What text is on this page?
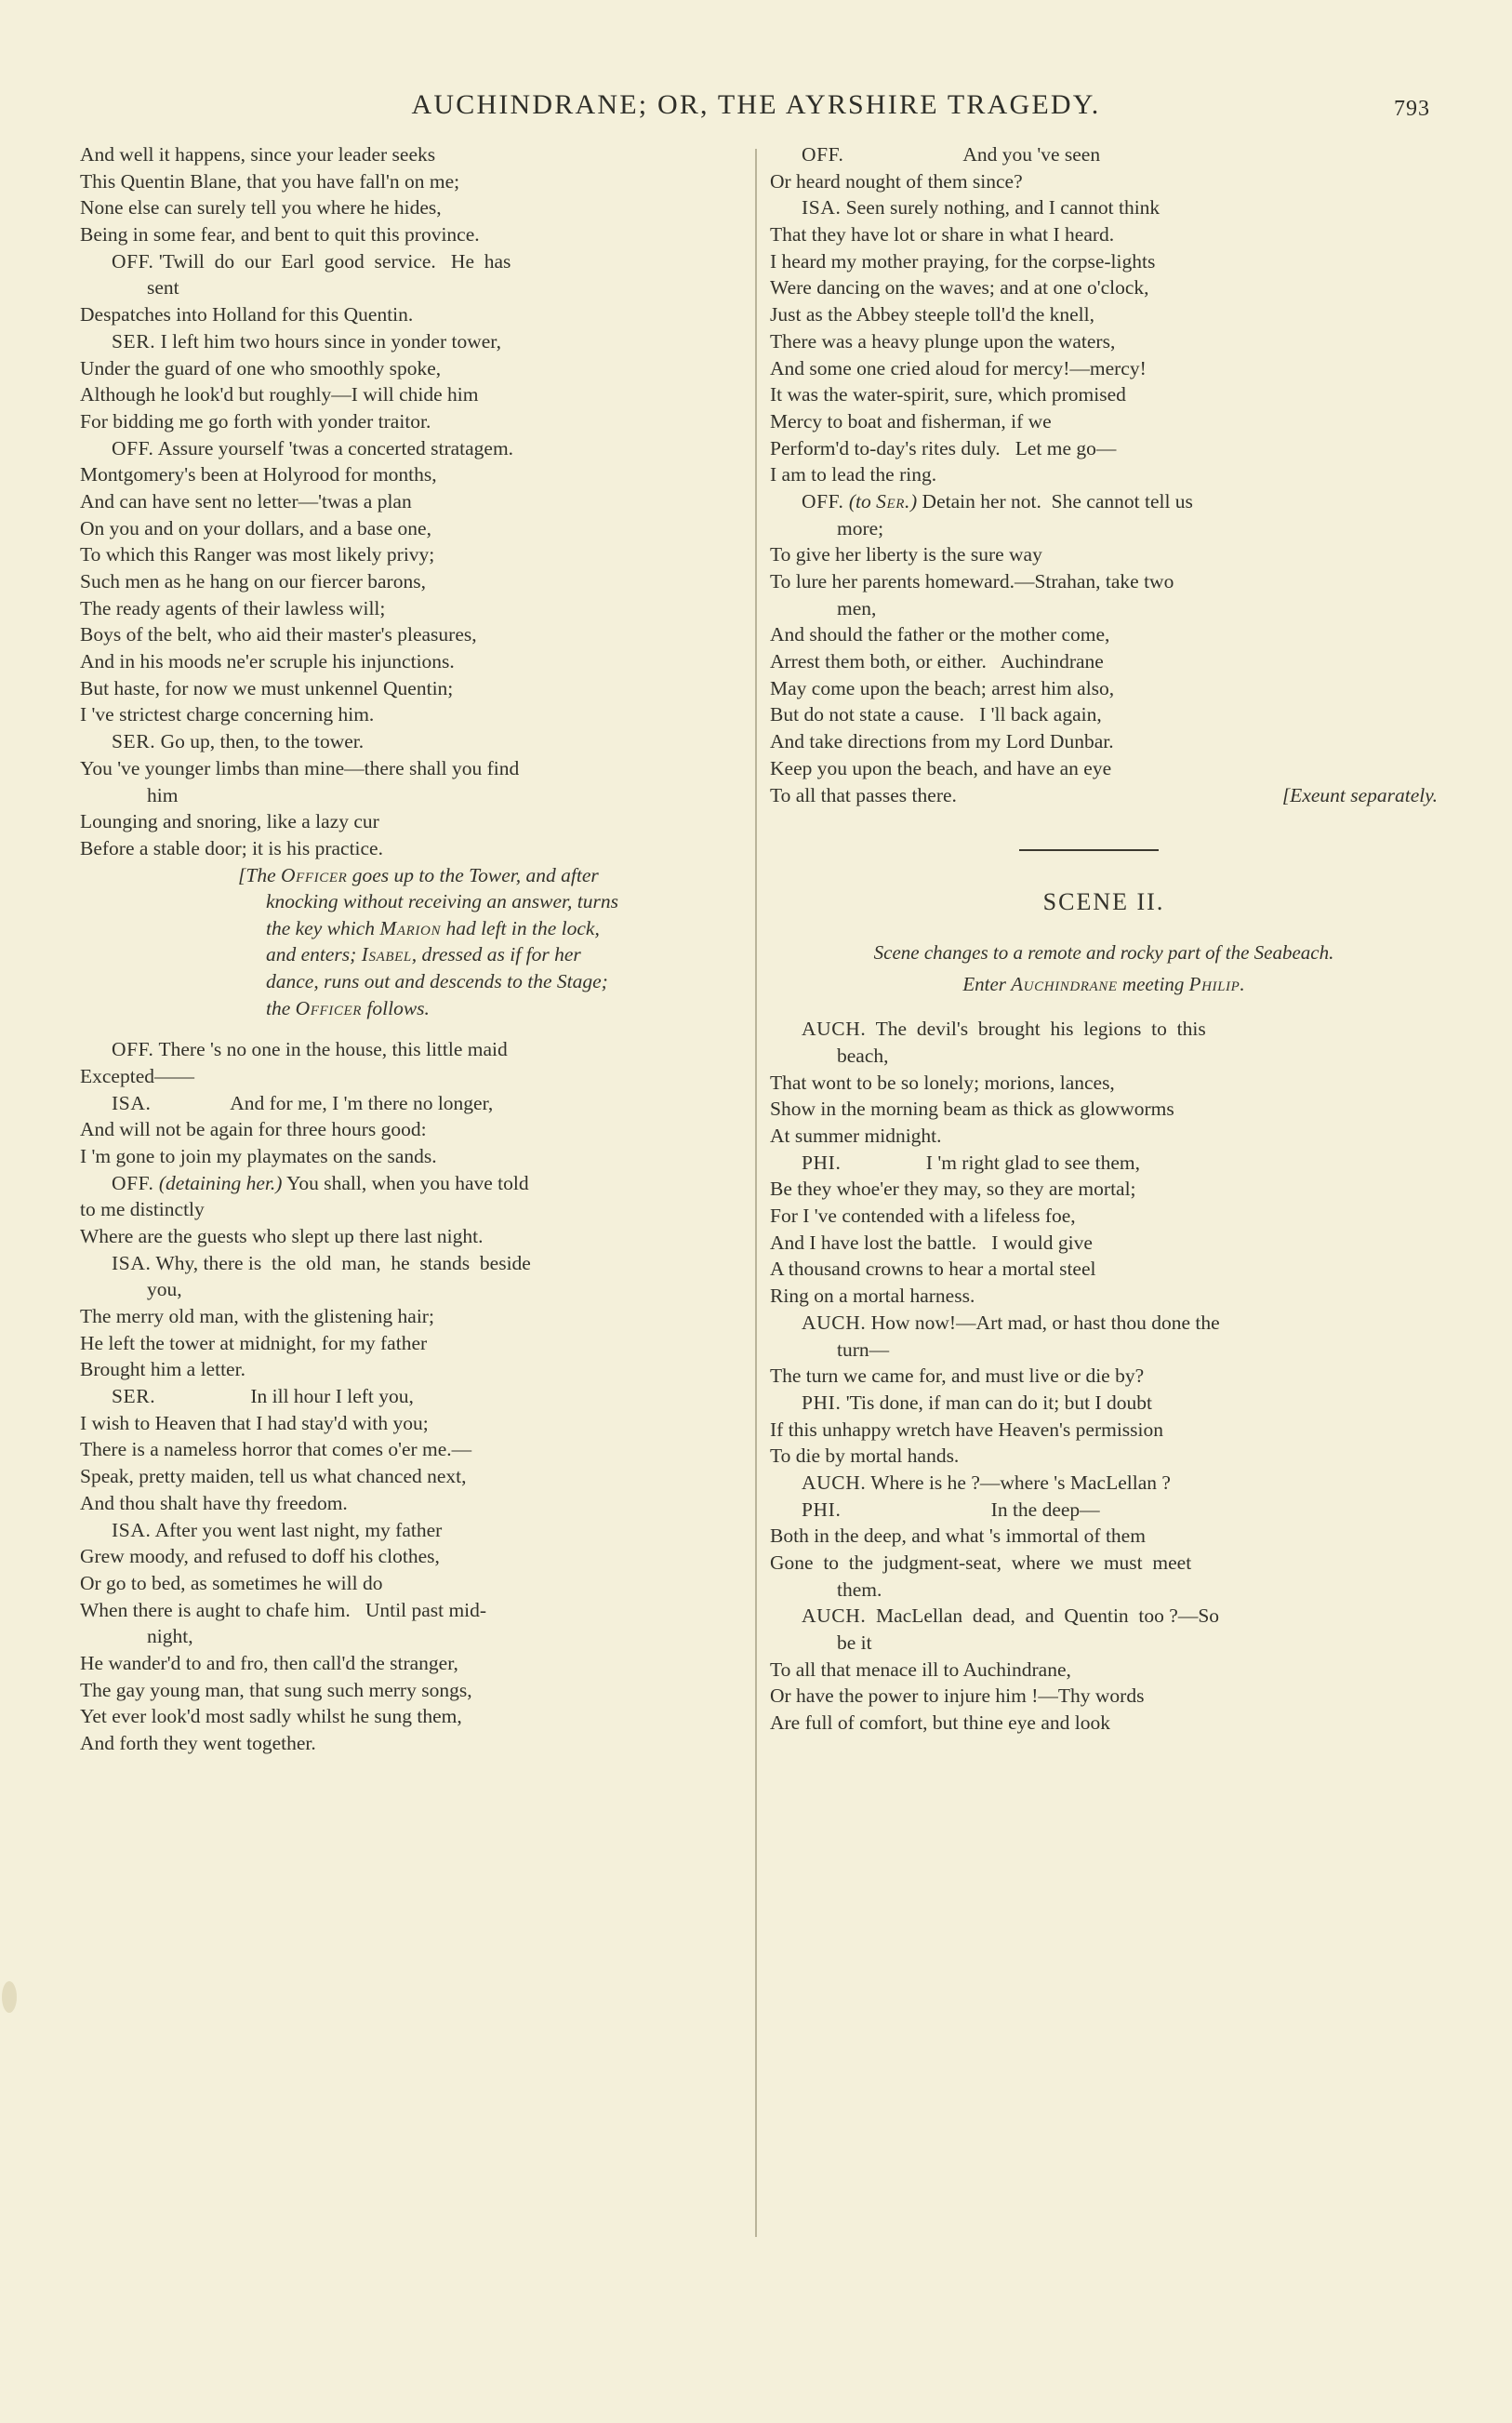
AUCHINDRANE; OR, THE AYRSHIRE TRAGEDY.	793

And well it happens, since your leader seeks

This Quentin Blane, that you have fall'n on me;

None else can surely tell you where he hides,

Being in some fear, and bent to quit this province.

OFF. 'Twill  do  our  Earl  good  service.   He  has

sent

Despatches into Holland for this Quentin.

SER. I left him two hours since in yonder tower,

Under the guard of one who smoothly spoke,

Although he look'd but roughly—I will chide him

For bidding me go forth with yonder traitor.

OFF. Assure yourself 'twas a concerted stratagem.

Montgomery's been at Holyrood for months,

And can have sent no letter—'twas a plan

On you and on your dollars, and a base one,

To which this Ranger was most likely privy;

Such men as he hang on our fiercer barons,

The ready agents of their lawless will;

Boys of the belt, who aid their master's pleasures,

And in his moods ne'er scruple his injunctions.

But haste, for now we must unkennel Quentin;

I 've strictest charge concerning him.

SER. Go up, then, to the tower.

You 've younger limbs than mine—there shall you find

him

Lounging and snoring, like a lazy cur

Before a stable door; it is his practice.

[The Officer goes up to the Tower, and after

knocking without receiving an answer, turns

the key which Marion had left in the lock,

and enters; Isabel, dressed as if for her

dance, runs out and descends to the Stage;

the Officer follows.

OFF. There 's no one in the house, this little maid

Excepted——

ISA.                And for me, I 'm there no longer,

And will not be again for three hours good:

I 'm gone to join my playmates on the sands.

OFF. (detaining her.) You shall, when you have told

to me distinctly

Where are the guests who slept up there last night.

ISA. Why, there is  the  old  man,  he  stands  beside

you,

The merry old man, with the glistening hair;

He left the tower at midnight, for my father

Brought him a letter.

SER.                   In ill hour I left you,

I wish to Heaven that I had stay'd with you;

There is a nameless horror that comes o'er me.—

Speak, pretty maiden, tell us what chanced next,

And thou shalt have thy freedom.

ISA. After you went last night, my father

Grew moody, and refused to doff his clothes,

Or go to bed, as sometimes he will do

When there is aught to chafe him.   Until past mid-

night,

He wander'd to and fro, then call'd the stranger,

The gay young man, that sung such merry songs,

Yet ever look'd most sadly whilst he sung them,

And forth they went together.

OFF.                        And you 've seen

Or heard nought of them since?

ISA. Seen surely nothing, and I cannot think

That they have lot or share in what I heard.

I heard my mother praying, for the corpse-lights

Were dancing on the waves; and at one o'clock,

Just as the Abbey steeple toll'd the knell,

There was a heavy plunge upon the waters,

And some one cried aloud for mercy!—mercy!

It was the water-spirit, sure, which promised

Mercy to boat and fisherman, if we

Perform'd to-day's rites duly.   Let me go—

I am to lead the ring.

OFF. (to Ser.) Detain her not.  She cannot tell us

more;

To give her liberty is the sure way

To lure her parents homeward.—Strahan, take two

men,

And should the father or the mother come,

Arrest them both, or either.   Auchindrane

May come upon the beach; arrest him also,

But do not state a cause.   I 'll back again,

And take directions from my Lord Dunbar.

Keep you upon the beach, and have an eye

To all that passes there.	[Exeunt separately.

SCENE II.
Scene changes to a remote and rocky part of the Seabeach.
Enter Auchindrane meeting Philip.

AUCH.  The  devil's  brought  his  legions  to  this

beach,

That wont to be so lonely; morions, lances,

Show in the morning beam as thick as glowworms

At summer midnight.

PHI.                 I 'm right glad to see them,

Be they whoe'er they may, so they are mortal;

For I 've contended with a lifeless foe,

And I have lost the battle.   I would give

A thousand crowns to hear a mortal steel

Ring on a mortal harness.

AUCH. How now!—Art mad, or hast thou done the

turn—

The turn we came for, and must live or die by?

PHI. 'Tis done, if man can do it; but I doubt

If this unhappy wretch have Heaven's permission

To die by mortal hands.

AUCH. Where is he ?—where 's MacLellan ?

PHI.                              In the deep—

Both in the deep, and what 's immortal of them

Gone  to  the  judgment-seat,  where  we  must  meet

them.

AUCH.  MacLellan  dead,  and  Quentin  too ?—So

be it

To all that menace ill to Auchindrane,

Or have the power to injure him !—Thy words

Are full of comfort, but thine eye and look
